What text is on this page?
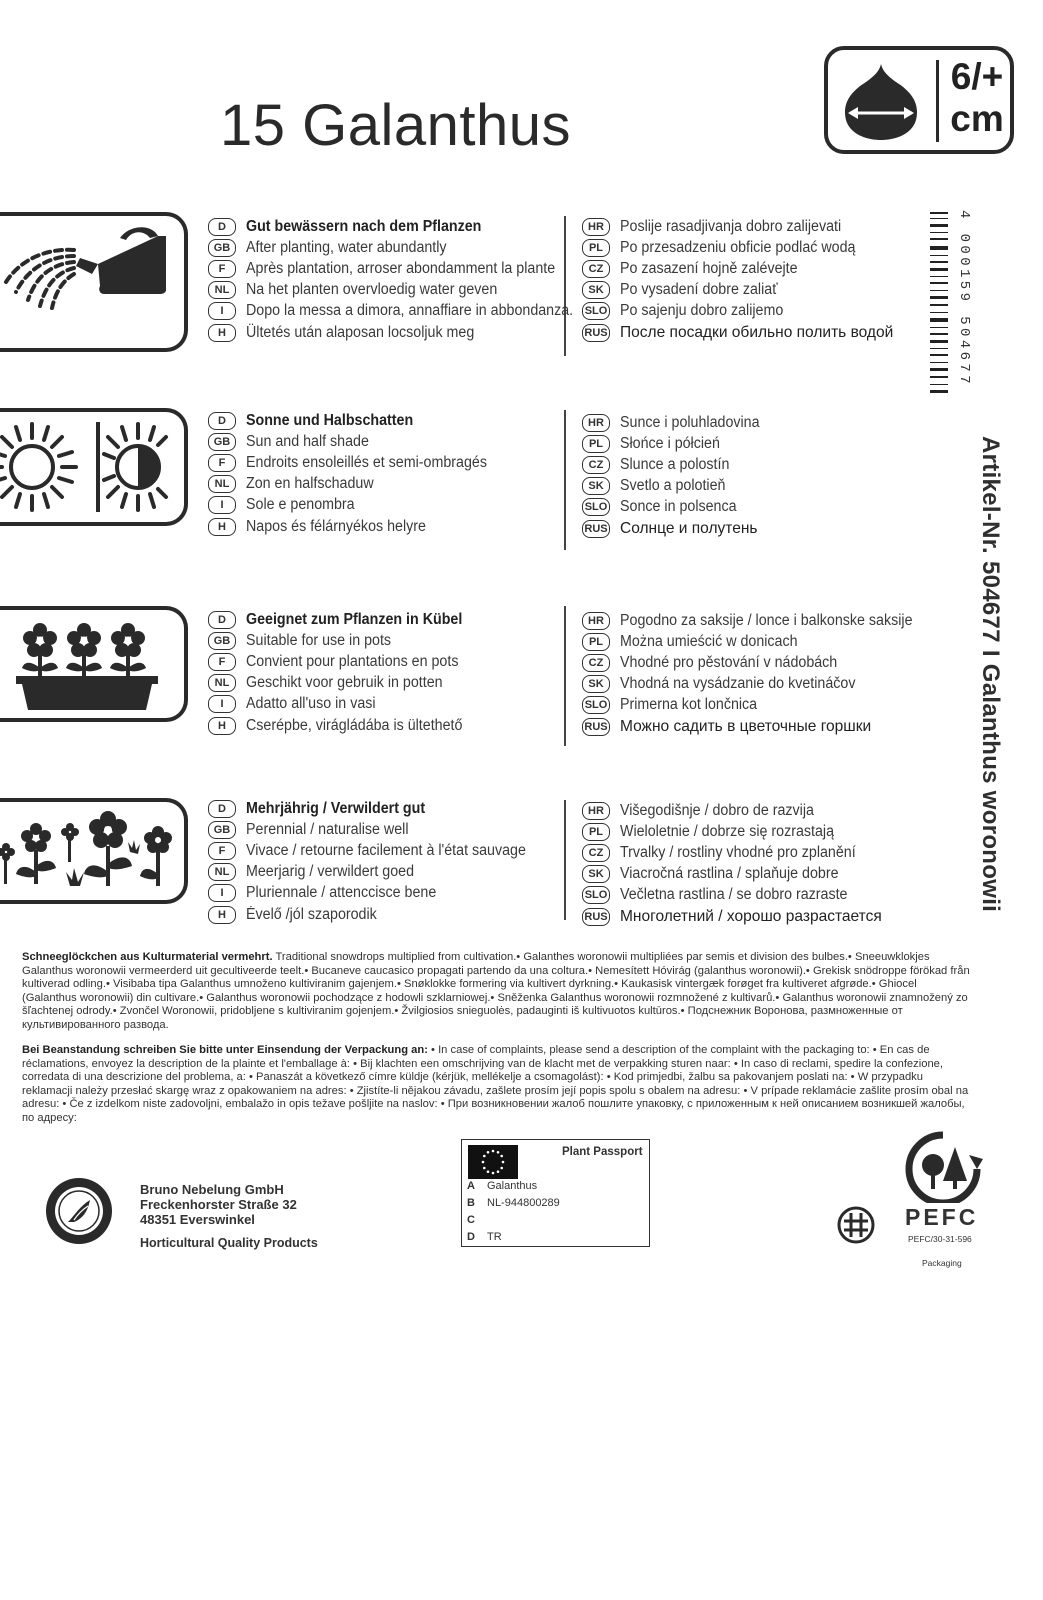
15 Galanthus
6/+
cm
4 000159 504677
Artikel-Nr. 504677 I Galanthus woronowii
D	Gut bewässern nach dem Pflanzen
GB	After planting, water abundantly
F	Après plantation, arroser abondamment la plante
NL	Na het planten overvloedig water geven
I	Dopo la messa a dimora, annaffiare in abbondanza.
H	Ültetés után alaposan locsoljuk meg
HR	Poslije rasadjivanja dobro zalijevati
PL	Po przesadzeniu obficie podlać wodą
CZ	Po zasazení hojně zalévejte
SK	Po vysadení dobre zaliať
SLO Po sajenju dobro zalijemo
RUS После посадки обильно полить водой
D	Sonne und Halbschatten
GB	Sun and half shade
F	Endroits ensoleillés et semi-ombragés
NL	Zon en halfschaduw
I	Sole e penombra
H	Napos és félárnyékos helyre
HR	Sunce i poluhladovina
PL	Słońce i półcień
CZ	Slunce a polostín
SK	Svetlo a polotieň
SLO Sonce in polsenca
RUS Солнце и полутень
D	Geeignet zum Pflanzen in Kübel
GB	Suitable for use in pots
F	Convient pour plantations en pots
NL	Geschikt voor gebruik in potten
I	Adatto all'uso in vasi
H	Cserépbe, virágládába is ültethető
HR	Pogodno za saksije / lonce i balkonske saksije
PL	Można umieścić w donicach
CZ	Vhodné pro pěstování v nádobách
SK	Vhodná na vysádzanie do kvetináčov
SLO Primerna kot lončnica
RUS Можно садить в цветочные горшки
D	Mehrjährig / Verwildert gut
GB	Perennial / naturalise well
F	Vivace / retourne facilement à l'état sauvage
NL	Meerjarig / verwildert goed
I	Pluriennale / attenccisce bene
H	Évelő /jól szaporodik
HR	Višegodišnje / dobro de razvija
PL	Wieloletnie / dobrze się rozrastają
CZ	Trvalky / rostliny vhodné pro zplanění
SK	Viacročná rastlina / splaňuje dobre
SLO Večletna rastlina / se dobro razraste
RUS Многолетний / хорошо разрастается
Schneeglöckchen aus Kulturmaterial vermehrt. Traditional snowdrops multiplied from cultivation.• Galanthes woronowii multipliées par semis et division des bulbes.• Sneeuwklokjes Galanthus woronowii vermeerderd uit gecultiveerde teelt.• Bucaneve caucasico propagati partendo da una coltura.• Nemesített Hóvirág (galanthus woronowii).• Grekisk snödroppe förökad från kultiverad odling.• Visibaba tipa Galanthus umnoženo kultiviranim gajenjem.• Snøklokke formering via kultivert dyrkning.• Kaukasisk vintergæk forøget fra kultiveret afgrøde.• Ghiocel (Galanthus woronowii) din cultivare.• Galanthus woronowii pochodzące z hodowli szklarniowej.• Sněženka Galanthus woronowii rozmnožené z kultivarů.• Galanthus woronowii znamnožený zo šľachtenej odrody.• Zvončel Woronowii, pridobljene s kultiviranim gojenjem.• Žvilgiosios snieguolės, padauginti iš kultivuotos kultūros.• Подснежник Воронова, размноженные от культивированного развода.
Bei Beanstandung schreiben Sie bitte unter Einsendung der Verpackung an: • In case of complaints, please send a description of the complaint with the packaging to: • En cas de réclamations, envoyez la description de la plainte et l'emballage à: • Bij klachten een omschrijving van de klacht met de verpakking sturen naar: • In caso di reclami, spedire la confezione, corredata di una descrizione del problema, a: • Panaszát a következő címre küldje (kérjük, mellékelje a csomagolást): • Kod primjedbi, žalbu sa pakovanjem poslati na: • W przypadku reklamacji należy przesłać skargę wraz z opakowaniem na adres: • Zjistíte-li nějakou závadu, zašlete prosím její popis spolu s obalem na adresu: • V prípade reklamácie zašlite prosím obal na adresu: • Če z izdelkom niste zadovoljni, embalažo in opis težave pošljite na naslov: • При возникновении жалоб пошлите упаковку, с приложенным к ней описанием возникшей жалобы, по адресу:
Bruno Nebelung GmbH
Freckenhorster Straße 32
48351 Everswinkel
Horticultural Quality Products
Plant Passport
A Galanthus
B NL-944800289
C
D TR
PEFC
PEFC/30-31-596
Packaging
